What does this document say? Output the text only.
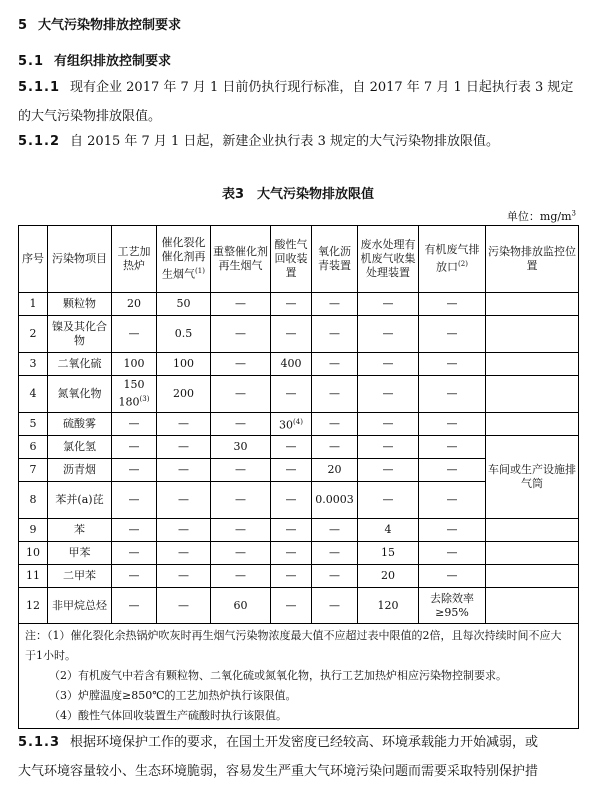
5 大气污染物排放控制要求
5.1 有组织排放控制要求
5.1.1 现有企业 2017 年 7 月 1 日前仍执行现行标准，自 2017 年 7 月 1 日起执行表 3 规定
的大气污染物排放限值。
5.1.2 自 2015 年 7 月 1 日起，新建企业执行表 3 规定的大气污染物排放限值。
表3　大气污染物排放限值
单位：$mg/m^3$
序号	污染物项目	工艺加热炉	催化裂化催化剂再生烟气$^{(1)}$	重整催化剂再生烟气	酸性气回收装置	氧化沥青装置	废水处理有机废气收集处理装置	有机废气排放口$^{(2)}$	污染物排放监控位置
1	颗粒物	20	50	—	—	—	—	—	
2	镍及其化合物	—	0.5	—	—	—	—	—	
3	二氧化硫	100	100	—	400	—	—	—	
4	氮氧化物	150
180$^{(3)}$	200	—	—	—	—	—	
5	硫酸雾	—	—	—	30$^{(4)}$	—	—	—	
6	氯化氢	—	—	30	—	—	—	—	车间或生产设施排气筒
7	沥青烟	—	—	—	—	20	—	—	
8	苯并(a)芘	—	—	—	—	0.0003	—	—	
9	苯	—	—	—	—	—	4	—	
10	甲苯	—	—	—	—	—	15	—	
11	二甲苯	—	—	—	—	—	20	—	
12	非甲烷总烃	—	—	60	—	—	120	去除效率≥95%	

注：（1）催化裂化余热锅炉吹灰时再生烟气污染物浓度最大值不应超过表中限值的2倍，且每次持续时间不应大于1小时。
（2）有机废气中若含有颗粒物、二氧化硫或氮氧化物，执行工艺加热炉相应污染物控制要求。
（3）炉膛温度≥850℃的工艺加热炉执行该限值。
（4）酸性气体回收装置生产硫酸时执行该限值。									
5.1.3 根据环境保护工作的要求，在国土开发密度已经较高、环境承载能力开始减弱，或
大气环境容量较小、生态环境脆弱，容易发生严重大气环境污染问题而需要采取特别保护措
